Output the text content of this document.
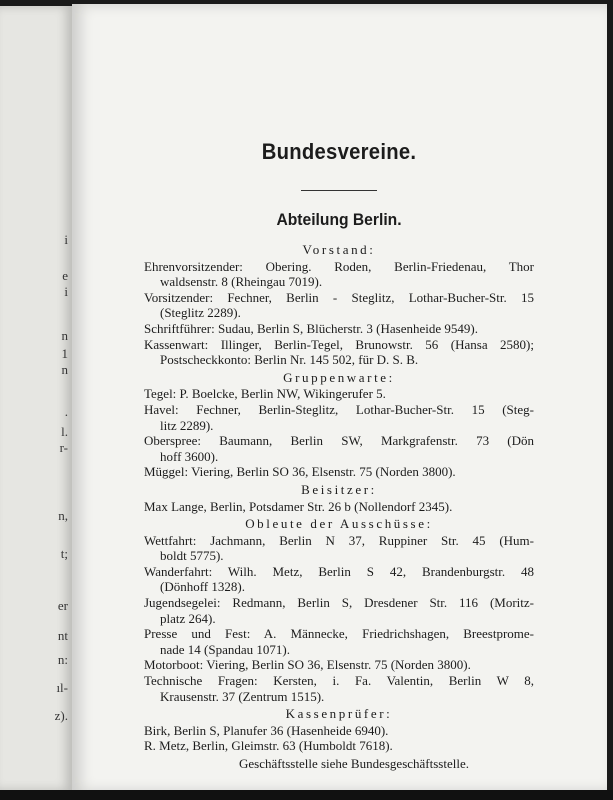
i
e
i
n
1
n
.
l.
r-
n,
t;
er
nt
n:
ıl-
z).
Bundesvereine.
Abteilung Berlin.
Vorstand:
Ehrenvorsitzender: Obering. Roden, Berlin-Friedenau, Thor
waldsenstr. 8 (Rheingau 7019).
Vorsitzender: Fechner, Berlin - Steglitz, Lothar-Bucher-Str. 15
(Steglitz 2289).
Schriftführer: Sudau, Berlin S, Blücherstr. 3 (Hasenheide 9549).
Kassenwart: Illinger, Berlin-Tegel, Brunowstr. 56 (Hansa 2580);
Postscheckkonto: Berlin Nr. 145 502, für D. S. B.
Gruppenwarte:
Tegel: P. Boelcke, Berlin NW, Wikingerufer 5.
Havel: Fechner, Berlin-Steglitz, Lothar-Bucher-Str. 15 (Steg-
litz 2289).
Oberspree: Baumann, Berlin SW, Markgrafenstr. 73 (Dön
hoff 3600).
Müggel: Viering, Berlin SO 36, Elsenstr. 75 (Norden 3800).
Beisitzer:
Max Lange, Berlin, Potsdamer Str. 26 b (Nollendorf 2345).
Obleute der Ausschüsse:
Wettfahrt: Jachmann, Berlin N 37, Ruppiner Str. 45 (Hum-
boldt 5775).
Wanderfahrt: Wilh. Metz, Berlin S 42, Brandenburgstr. 48
(Dönhoff 1328).
Jugendsegelei: Redmann, Berlin S, Dresdener Str. 116 (Moritz-
platz 264).
Presse und Fest: A. Männecke, Friedrichshagen, Breestprome-
nade 14 (Spandau 1071).
Motorboot: Viering, Berlin SO 36, Elsenstr. 75 (Norden 3800).
Technische Fragen: Kersten, i. Fa. Valentin, Berlin W 8,
Krausenstr. 37 (Zentrum 1515).
Kassenprüfer:
Birk, Berlin S, Planufer 36 (Hasenheide 6940).
R. Metz, Berlin, Gleimstr. 63 (Humboldt 7618).
Geschäftsstelle siehe Bundesgeschäftsstelle.
